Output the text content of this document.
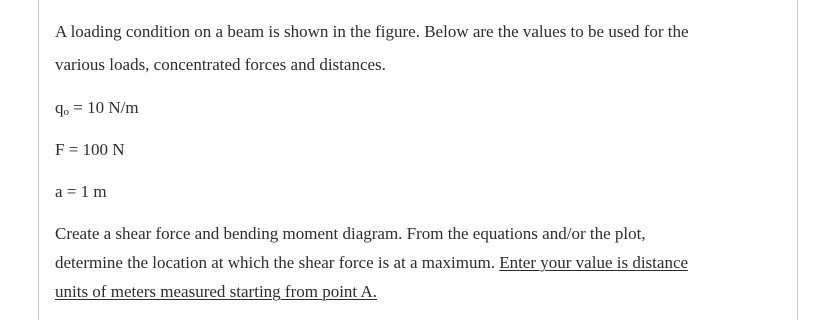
A loading condition on a beam is shown in the figure. Below are the values to be used for the
various loads, concentrated forces and distances.
qo = 10 N/m
F = 100 N
a = 1 m
Create a shear force and bending moment diagram. From the equations and/or the plot,
determine the location at which the shear force is at a maximum. Enter your value is distance
units of meters measured starting from point A.
